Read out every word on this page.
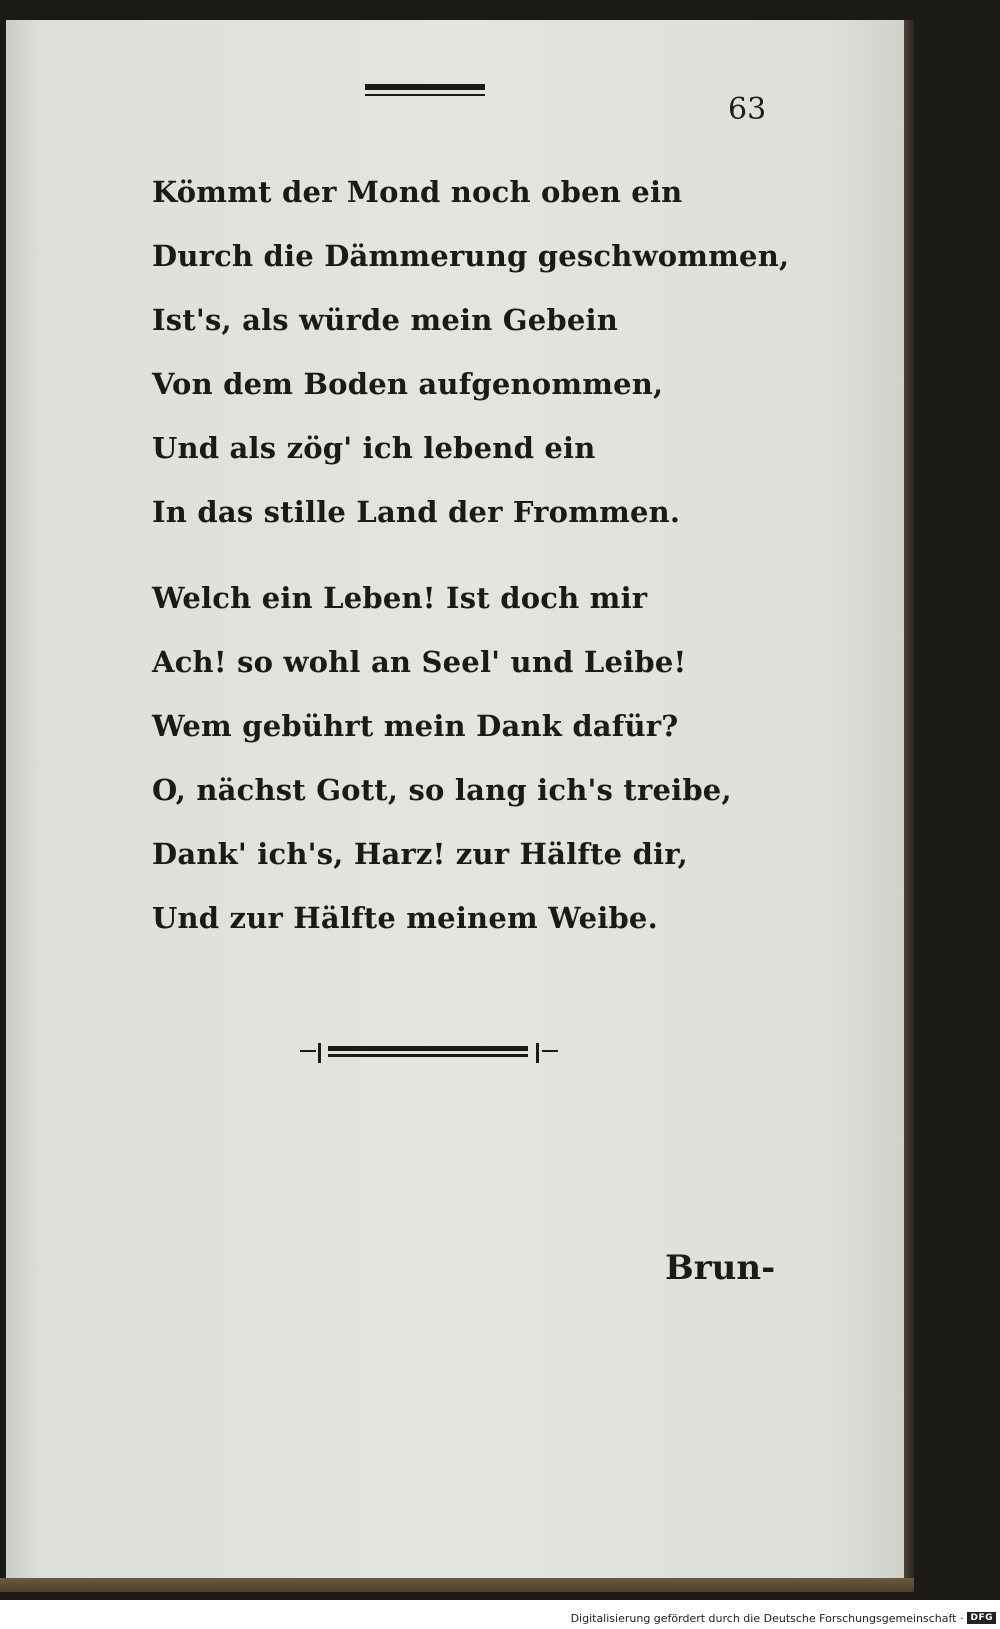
63
Kömmt der Mond noch oben ein
Durch die Dämmerung geschwommen,
Ist's, als würde mein Gebein
Von dem Boden aufgenommen,
Und als zög' ich lebend ein
In das stille Land der Frommen.
Welch ein Leben! Ist doch mir
Ach! so wohl an Seel' und Leibe!
Wem gebührt mein Dank dafür?
O, nächst Gott, so lang ich's treibe,
Dank' ich's, Harz! zur Hälfte dir,
Und zur Hälfte meinem Weibe.
Brun-
Digitalisierung gefördert durch die Deutsche Forschungsgemeinschaft · DFG
